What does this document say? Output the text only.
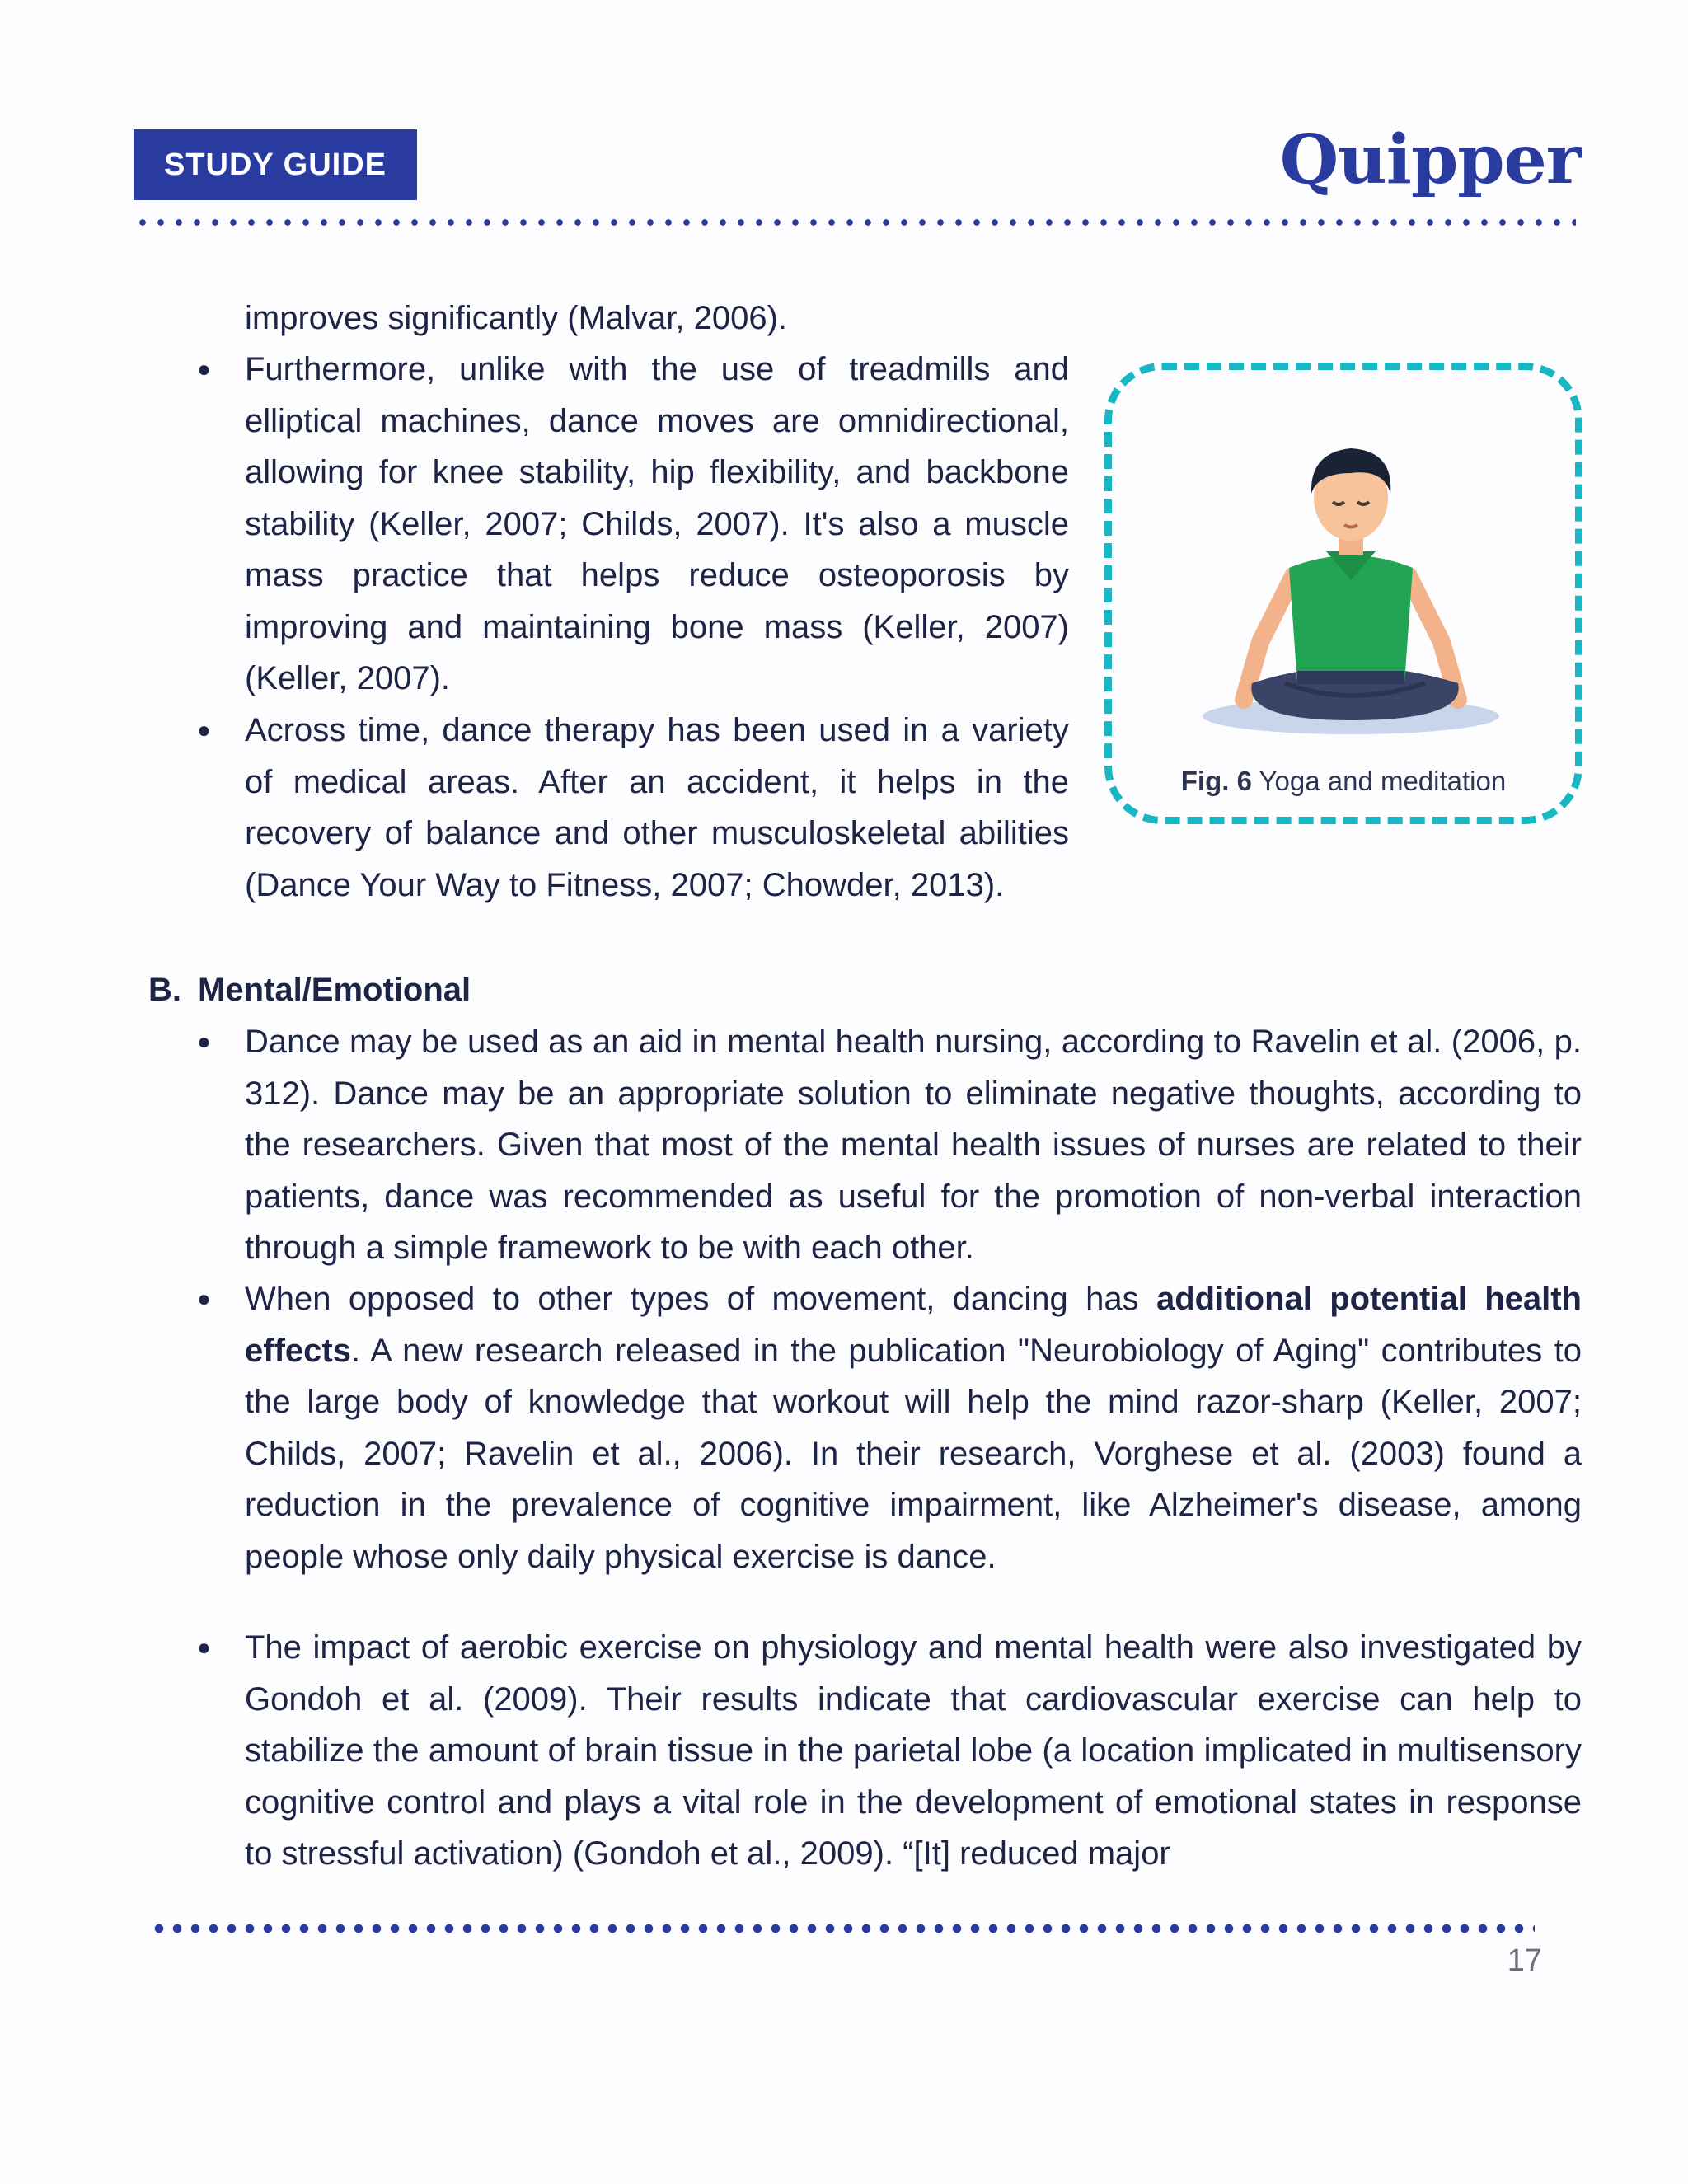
STUDY GUIDE	Quipper
improves significantly (Malvar, 2006).
● Furthermore, unlike with the use of treadmills and elliptical machines, dance moves are omnidirectional, allowing for knee stability, hip flexibility, and backbone stability (Keller, 2007; Childs, 2007). It's also a muscle mass practice that helps reduce osteoporosis by improving and maintaining bone mass (Keller, 2007) (Keller, 2007).
● Across time, dance therapy has been used in a variety of medical areas. After an accident, it helps in the recovery of balance and other musculoskeletal abilities (Dance Your Way to Fitness, 2007; Chowder, 2013).
Fig. 6 Yoga and meditation
B. Mental/Emotional
● Dance may be used as an aid in mental health nursing, according to Ravelin et al. (2006, p. 312). Dance may be an appropriate solution to eliminate negative thoughts, according to the researchers. Given that most of the mental health issues of nurses are related to their patients, dance was recommended as useful for the promotion of non-verbal interaction through a simple framework to be with each other.
● When opposed to other types of movement, dancing has additional potential health effects. A new research released in the publication "Neurobiology of Aging" contributes to the large body of knowledge that workout will help the mind razor-sharp (Keller, 2007; Childs, 2007; Ravelin et al., 2006). In their research, Vorghese et al. (2003) found a reduction in the prevalence of cognitive impairment, like Alzheimer's disease, among people whose only daily physical exercise is dance.
● The impact of aerobic exercise on physiology and mental health were also investigated by Gondoh et al. (2009). Their results indicate that cardiovascular exercise can help to stabilize the amount of brain tissue in the parietal lobe (a location implicated in multisensory cognitive control and plays a vital role in the development of emotional states in response to stressful activation) (Gondoh et al., 2009). “[It] reduced major
17
